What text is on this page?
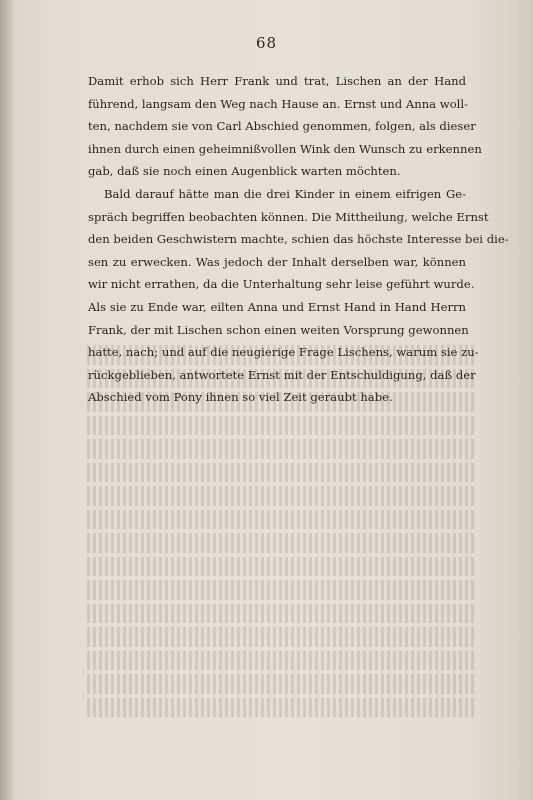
68

Damit erhob sich Herr Frank und trat, Lischen an der Hand
führend, langsam den Weg nach Hause an. Ernst und Anna woll-
ten, nachdem sie von Carl Abschied genommen, folgen, als dieser
ihnen durch einen geheimnißvollen Wink den Wunsch zu erkennen
gab, daß sie noch einen Augenblick warten möchten.

Bald darauf hätte man die drei Kinder in einem eifrigen Ge-
spräch begriffen beobachten können. Die Mittheilung, welche Ernst
den beiden Geschwistern machte, schien das höchste Interesse bei die-
sen zu erwecken. Was jedoch der Inhalt derselben war, können
wir nicht errathen, da die Unterhaltung sehr leise geführt wurde.
Als sie zu Ende war, eilten Anna und Ernst Hand in Hand Herrn
Frank, der mit Lischen schon einen weiten Vorsprung gewonnen
hatte, nach; und auf die neugierige Frage Lischens, warum sie zu-
rückgeblieben, antwortete Ernst mit der Entschuldigung, daß der
Abschied vom Pony ihnen so viel Zeit geraubt habe.
